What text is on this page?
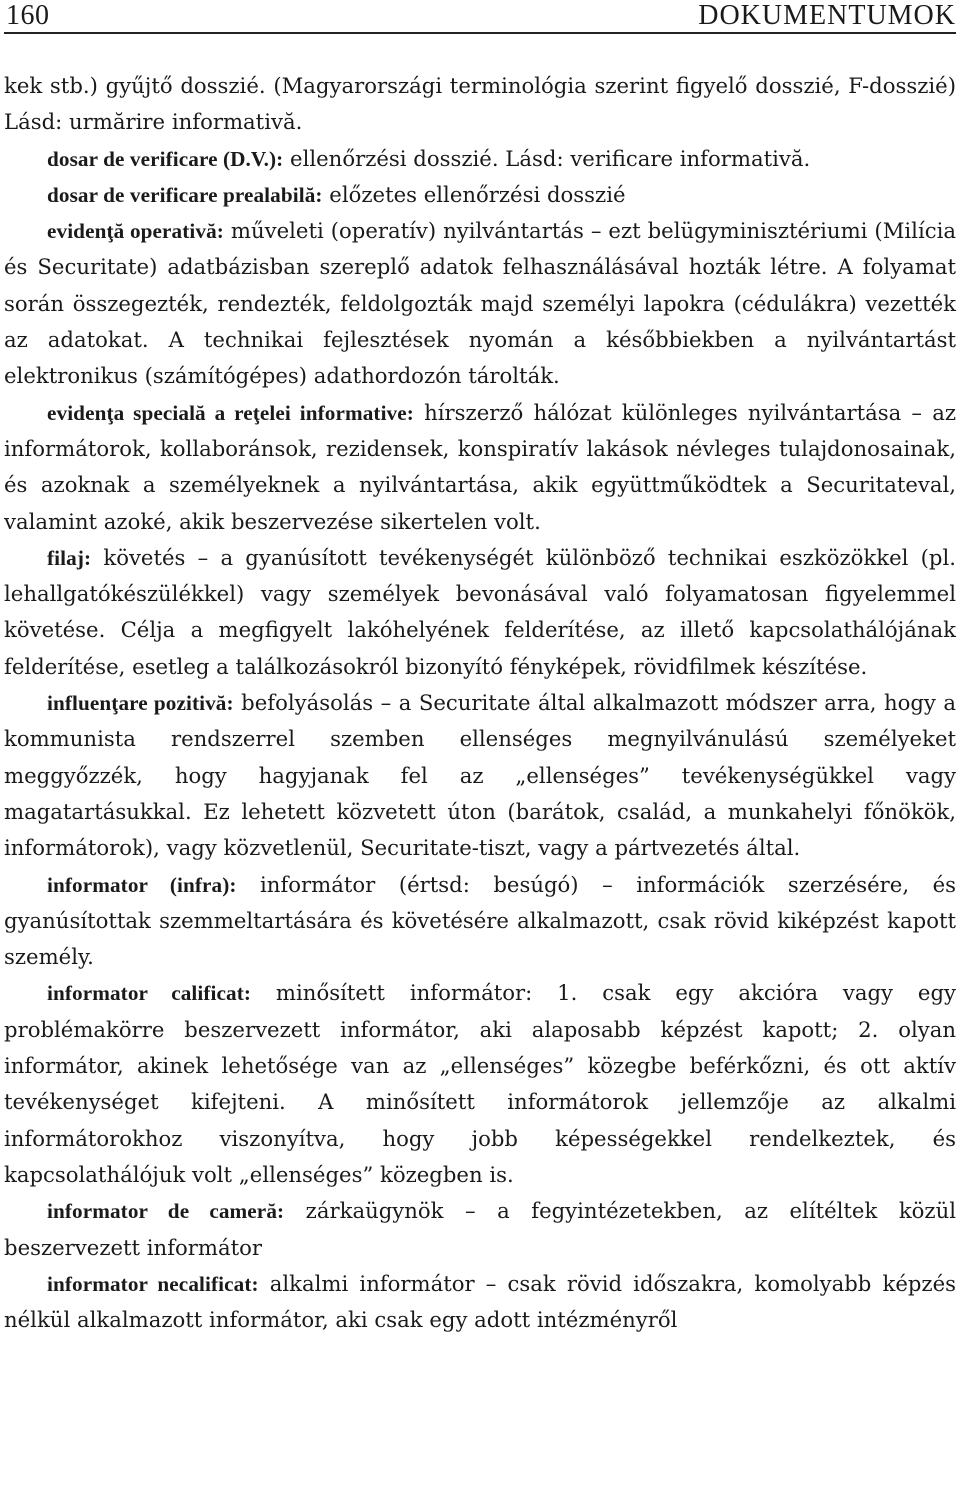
160	DOKUMENTUMOK

kek stb.) gyűjtő dosszié. (Magyarországi terminológia szerint figyelő dosszié, F-dosszié) Lásd: urmărire informativă.

dosar de verificare (D.V.): ellenőrzési dosszié. Lásd: verificare informativă.

dosar de verificare prealabilă: előzetes ellenőrzési dosszié

evidenţă operativă: műveleti (operatív) nyilvántartás – ezt belügyminisztériumi (Milícia és Securitate) adatbázisban szereplő adatok felhasználásával hozták létre. A folyamat során összegezték, rendezték, feldolgozták majd személyi lapokra (cédulákra) vezették az adatokat. A technikai fejlesztések nyomán a későbbiekben a nyilvántartást elektronikus (számítógépes) adathordozón tárolták.

evidenţa specială a reţelei informative: hírszerző hálózat különleges nyilvántartása – az informátorok, kollaboránsok, rezidensek, konspiratív lakások névleges tulajdonosainak, és azoknak a személyeknek a nyilvántartása, akik együttműködtek a Securitateval, valamint azoké, akik beszervezése sikertelen volt.

filaj: követés – a gyanúsított tevékenységét különböző technikai eszközökkel (pl. lehallgatókészülékkel) vagy személyek bevonásával való folyamatosan figyelemmel követése. Célja a megfigyelt lakóhelyének felderítése, az illető kapcsolathálójának felderítése, esetleg a találkozásokról bizonyító fényképek, rövidfilmek készítése.

influenţare pozitivă: befolyásolás – a Securitate által alkalmazott módszer arra, hogy a kommunista rendszerrel szemben ellenséges megnyilvánulású személyeket meggyőzzék, hogy hagyjanak fel az „ellenséges” tevékenységükkel vagy magatartásukkal. Ez lehetett közvetett úton (barátok, család, a munkahelyi főnökök, informátorok), vagy közvetlenül, Securitate-tiszt, vagy a pártvezetés által.

informator (infra): informátor (értsd: besúgó) – információk szerzésére, és gyanúsítottak szemmeltartására és követésére alkalmazott, csak rövid kiképzést kapott személy.

informator calificat: minősített informátor: 1. csak egy akcióra vagy egy problémakörre beszervezett informátor, aki alaposabb képzést kapott; 2. olyan informátor, akinek lehetősége van az „ellenséges” közegbe beférkőzni, és ott aktív tevékenységet kifejteni. A minősített informátorok jellemzője az alkalmi informátorokhoz viszonyítva, hogy jobb képességekkel rendelkeztek, és kapcsolathálójuk volt „ellenséges” közegben is.

informator de cameră: zárkaügynök – a fegyintézetekben, az elítéltek közül beszervezett informátor

informator necalificat: alkalmi informátor – csak rövid időszakra, komolyabb képzés nélkül alkalmazott informátor, aki csak egy adott intézményről
